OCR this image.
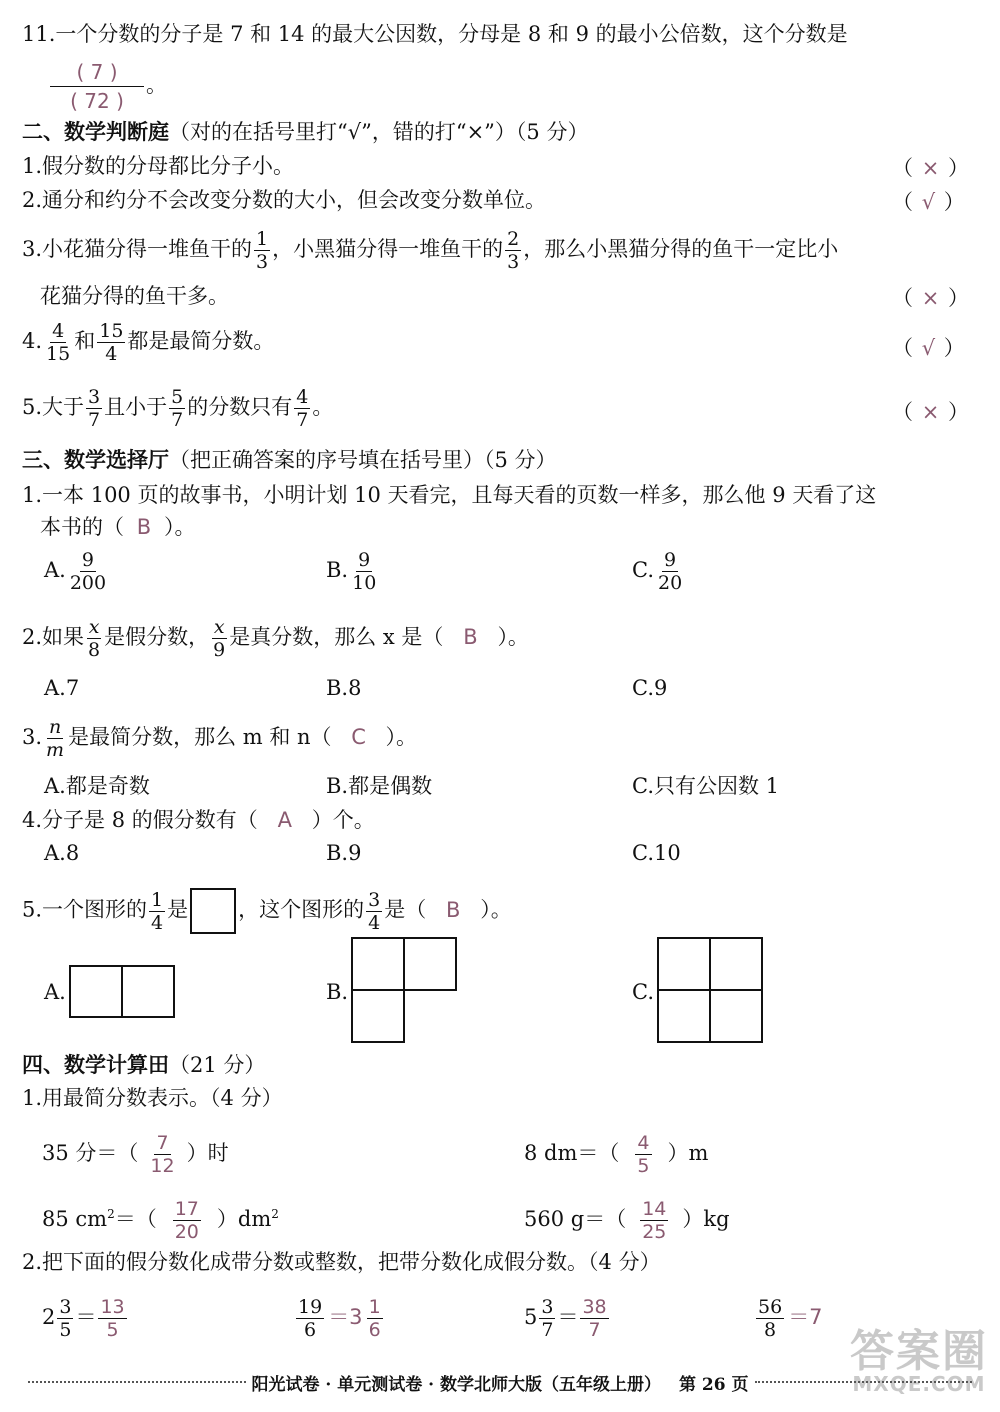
11.一个分数的分子是 7 和 14 的最大公因数，分母是 8 和 9 的最小公倍数，这个分数是
$\frac{( 7 )}{( 72 )}$ 。
二、数学判断庭（对的在括号里打“√”，错的打“×”）（5 分）
1.假分数的分母都比分子小。	（ × ）
2.通分和约分不会改变分数的大小，但会改变分数单位。	（ √ ）
3.小花猫分得一堆鱼干的 $\frac{1}{3}$ ，小黑猫分得一堆鱼干的 $\frac{2}{3}$ ，那么小黑猫分得的鱼干一定比小
花猫分得的鱼干多。	（ × ）
4. $\frac{4}{15}$ 和 $\frac{15}{4}$ 都是最简分数。	（ √ ）
5.大于 $\frac{3}{7}$ 且小于 $\frac{5}{7}$ 的分数只有 $\frac{4}{7}$ 。	（ × ）
三、数学选择厅（把正确答案的序号填在括号里）（5 分）
1.一本 100 页的故事书，小明计划 10 天看完，且每天看的页数一样多，那么他 9 天看了这
本书的（ B ）。
A. $\frac{9}{200}$	B. $\frac{9}{10}$	C. $\frac{9}{20}$
2.如果 $\frac{x}{8}$ 是假分数， $\frac{x}{9}$ 是真分数，那么 x 是（ B ）。
A.7	B.8	C.9
3. $\frac{n}{m}$ 是最简分数，那么 m 和 n（ C ）。
A.都是奇数	B.都是偶数	C.只有公因数 1
4.分子是 8 的假分数有（ A ）个。
A.8	B.9	C.10
5.一个图形的 $\frac{1}{4}$ 是 ，这个图形的 $\frac{3}{4}$ 是（ B ）。
A.	B.	C.
四、数学计算田（21 分）
1.用最简分数表示。（4 分）
35 分＝（ $\frac{7}{12}$ ）时	8 $dm=( \frac{4}{5} )m$
85 $cm^2=( \frac{17}{20} )dm^2$	560 $g=( \frac{14}{25} )kg$
2.把下面的假分数化成带分数或整数，把带分数化成假分数。（4 分）
$2 \frac{3}{5} = \frac{13}{5}$	$\frac{19}{6} =3 \frac{1}{6}$	$5 \frac{3}{7} = \frac{38}{7}$	$\frac{56}{8} =7$
答案圈
MXQE.COM
阳光试卷 · 单元测试卷 · 数学北师大版（五年级上册） 第 26 页
